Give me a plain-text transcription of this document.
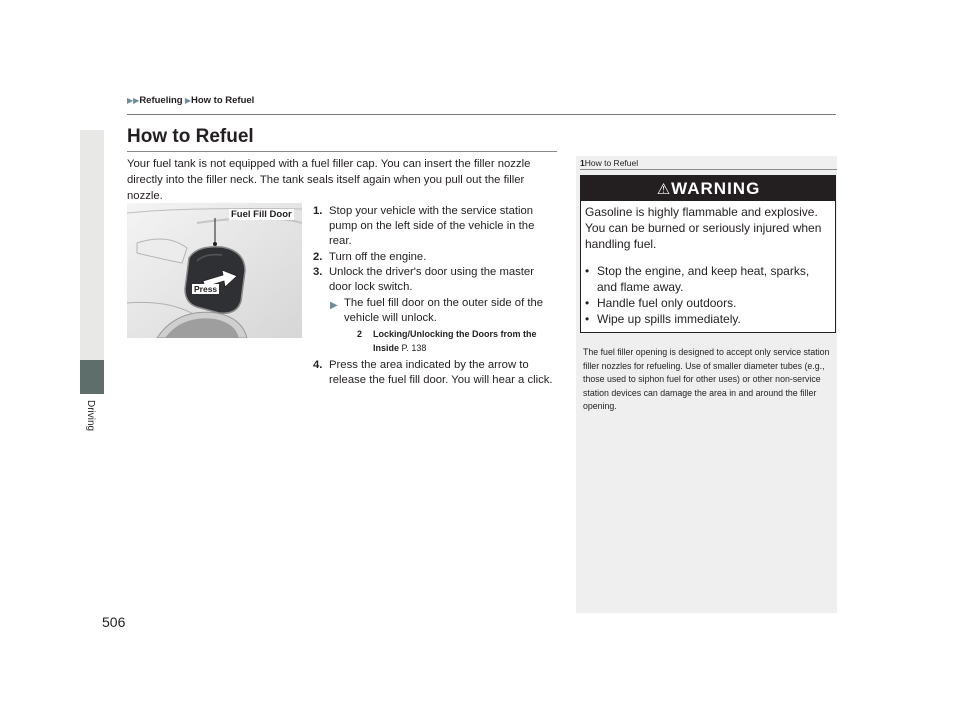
▶▶Refueling ▶How to Refuel
Driving
How to Refuel
Your fuel tank is not equipped with a fuel filler cap. You can insert the filler nozzle directly into the filler neck. The tank seals itself again when you pull out the filler nozzle.
Fuel Fill Door
Press
1. Stop your vehicle with the service station pump on the left side of the vehicle in the rear.
2. Turn off the engine.
3. Unlock the driver's door using the master door lock switch.
▶ The fuel fill door on the outer side of the vehicle will unlock.
2 Locking/Unlocking the Doors from the Inside P. 138
4. Press the area indicated by the arrow to release the fuel fill door. You will hear a click.
1How to Refuel
⚠WARNING
Gasoline is highly flammable and explosive. You can be burned or seriously injured when handling fuel.
• Stop the engine, and keep heat, sparks, and flame away.
• Handle fuel only outdoors.
• Wipe up spills immediately.
The fuel filler opening is designed to accept only service station filler nozzles for refueling. Use of smaller diameter tubes (e.g., those used to siphon fuel for other uses) or other non-service station devices can damage the area in and around the filler opening.
506
